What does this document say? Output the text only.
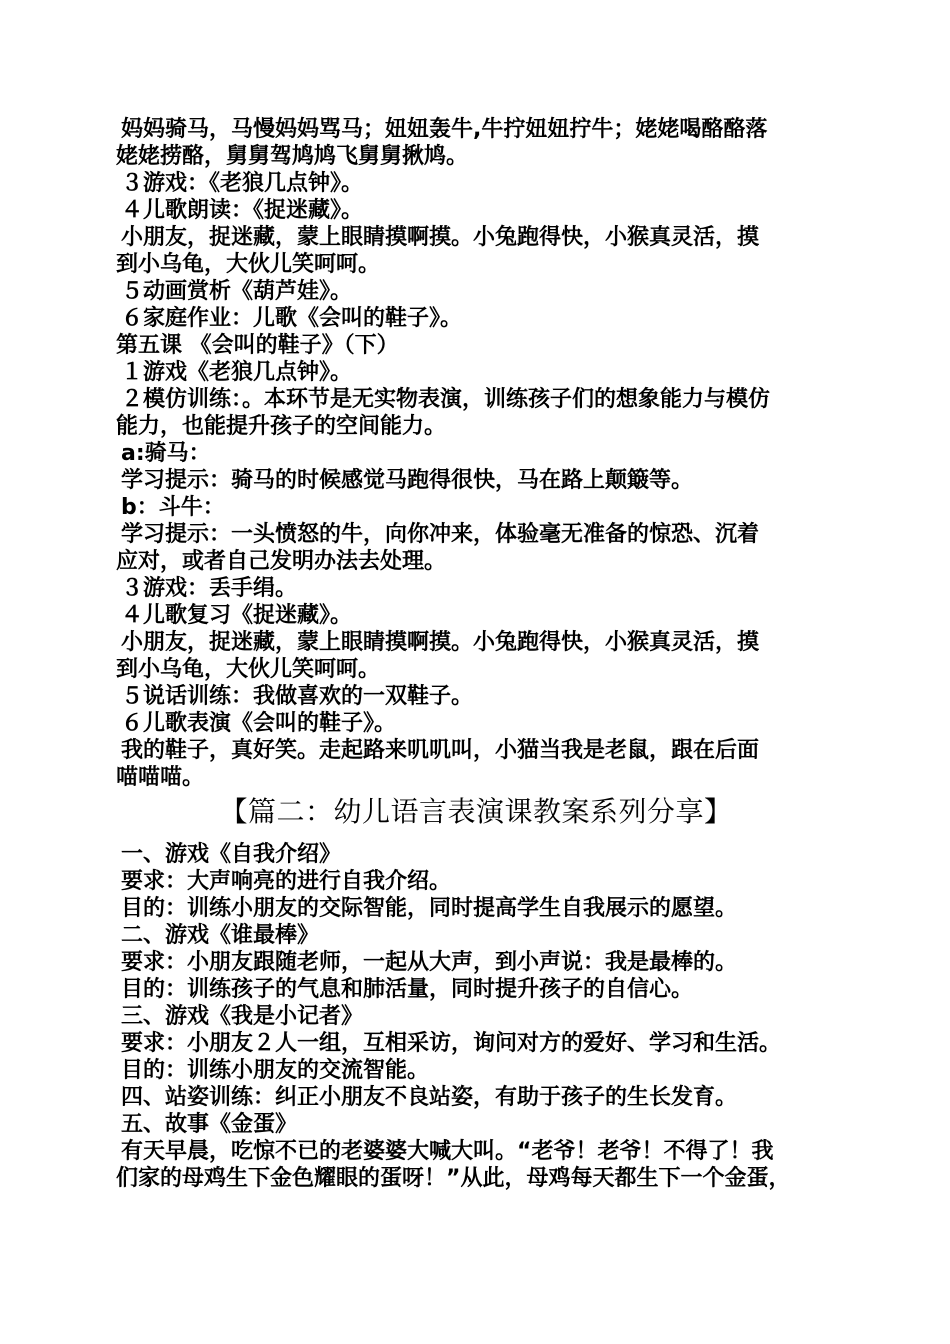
妈妈骑马，马慢妈妈骂马；妞妞轰牛,牛拧妞妞拧牛；姥姥喝酪酪落

姥姥捞酪，舅舅驾鸠鸠飞舅舅揪鸠。

３游戏：《老狼几点钟》。

４儿歌朗读：《捉迷藏》。

小朋友，捉迷藏，蒙上眼睛摸啊摸。小兔跑得快，小猴真灵活，摸

到小乌龟，大伙儿笑呵呵。

５动画赏析《葫芦娃》。

６家庭作业：儿歌《会叫的鞋子》。

第五课 《会叫的鞋子》（下）

１游戏《老狼几点钟》。

２模仿训练：。本环节是无实物表演，训练孩子们的想象能力与模仿

能力，也能提升孩子的空间能力。

a:骑马：

学习提示：骑马的时候感觉马跑得很快，马在路上颠簸等。

b：斗牛：

学习提示：一头愤怒的牛，向你冲来，体验毫无准备的惊恐、沉着

应对，或者自己发明办法去处理。

３游戏：丢手绢。

４儿歌复习《捉迷藏》。

小朋友，捉迷藏，蒙上眼睛摸啊摸。小兔跑得快，小猴真灵活，摸

到小乌龟，大伙儿笑呵呵。

５说话训练：我做喜欢的一双鞋子。

６儿歌表演《会叫的鞋子》。

我的鞋子，真好笑。走起路来叽叽叫，小猫当我是老鼠，跟在后面

喵喵喵。

【篇二：幼儿语言表演课教案系列分享】

一、游戏《自我介绍》

要求：大声响亮的进行自我介绍。

目的：训练小朋友的交际智能，同时提高学生自我展示的愿望。

二、游戏《谁最棒》

要求：小朋友跟随老师，一起从大声，到小声说：我是最棒的。

目的：训练孩子的气息和肺活量，同时提升孩子的自信心。

三、游戏《我是小记者》

要求：小朋友２人一组，互相采访，询问对方的爱好、学习和生活。

目的：训练小朋友的交流智能。

四、站姿训练：纠正小朋友不良站姿，有助于孩子的生长发育。

五、故事《金蛋》

有天早晨，吃惊不已的老婆婆大喊大叫。“老爷！老爷！不得了！我

们家的母鸡生下金色耀眼的蛋呀！”从此，母鸡每天都生下一个金蛋，
